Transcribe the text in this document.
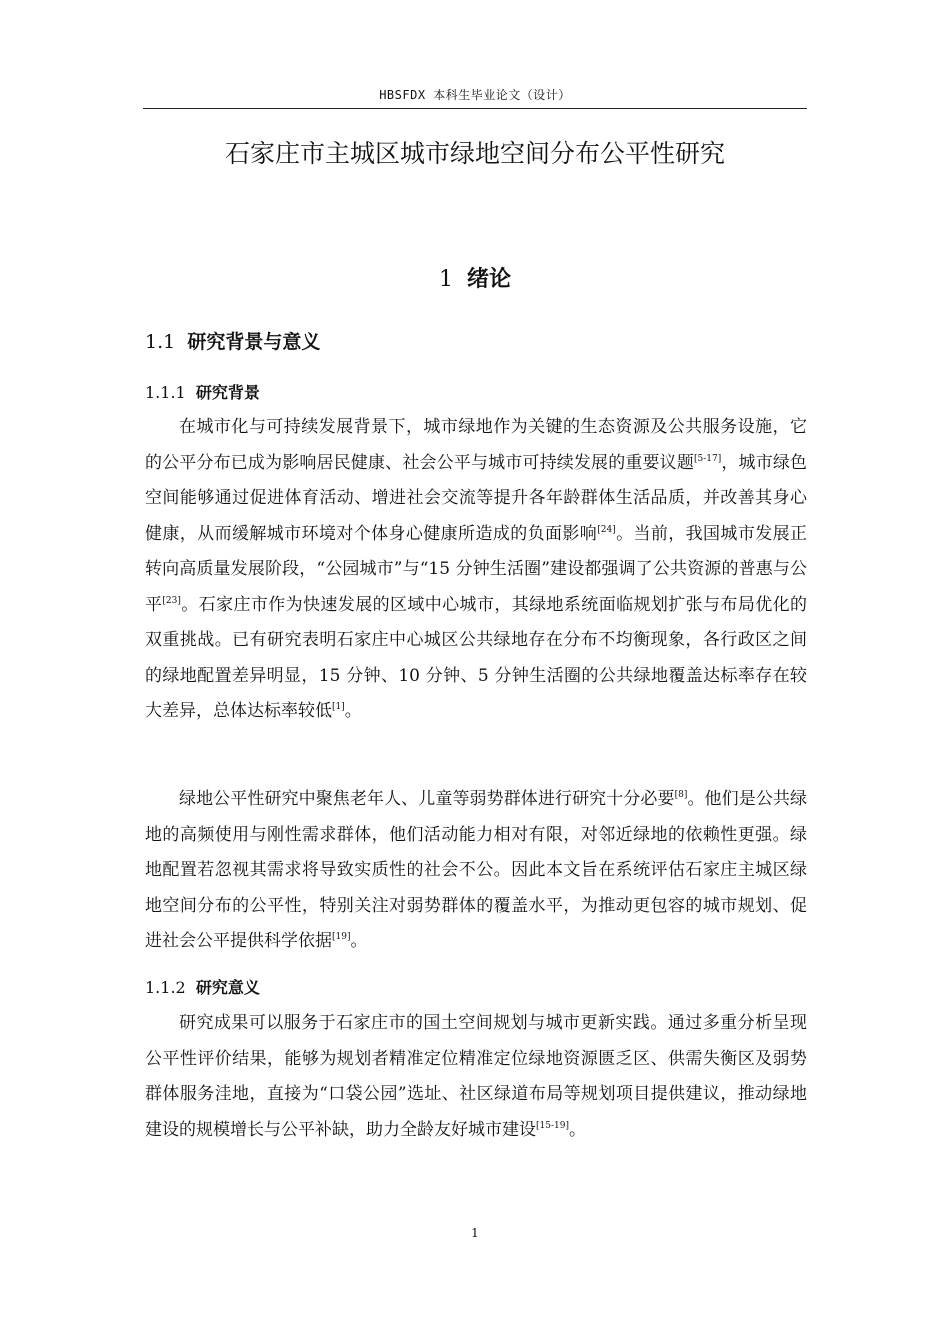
HBSFDX 本科生毕业论文（设计）
石家庄市主城区城市绿地空间分布公平性研究
1 绪论
1.1 研究背景与意义
1.1.1 研究背景

在城市化与可持续发展背景下，城市绿地作为关键的生态资源及公共服务设施，它的公平分布已成为影响居民健康、社会公平与城市可持续发展的重要议题[5-17]，城市绿色空间能够通过促进体育活动、增进社会交流等提升各年龄群体生活品质，并改善其身心健康，从而缓解城市环境对个体身心健康所造成的负面影响[24]。当前，我国城市发展正转向高质量发展阶段，“公园城市”与“15 分钟生活圈”建设都强调了公共资源的普惠与公平[23]。石家庄市作为快速发展的区域中心城市，其绿地系统面临规划扩张与布局优化的双重挑战。已有研究表明石家庄中心城区公共绿地存在分布不均衡现象，各行政区之间的绿地配置差异明显，15 分钟、10 分钟、5 分钟生活圈的公共绿地覆盖达标率存在较大差异，总体达标率较低[1]。

绿地公平性研究中聚焦老年人、儿童等弱势群体进行研究十分必要[8]。他们是公共绿地的高频使用与刚性需求群体，他们活动能力相对有限，对邻近绿地的依赖性更强。绿地配置若忽视其需求将导致实质性的社会不公。因此本文旨在系统评估石家庄主城区绿地空间分布的公平性，特别关注对弱势群体的覆盖水平，为推动更包容的城市规划、促进社会公平提供科学依据[19]。

1.1.2 研究意义

研究成果可以服务于石家庄市的国土空间规划与城市更新实践。通过多重分析呈现公平性评价结果，能够为规划者精准定位精准定位绿地资源匮乏区、供需失衡区及弱势群体服务洼地，直接为“口袋公园”选址、社区绿道布局等规划项目提供建议，推动绿地建设的规模增长与公平补缺，助力全龄友好城市建设[15-19]。

1
